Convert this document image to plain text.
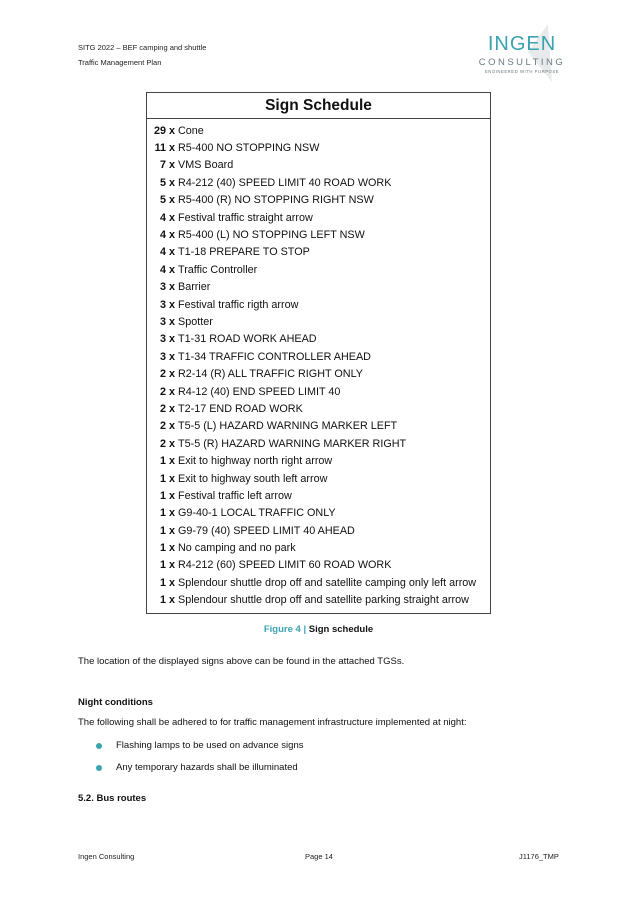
SITG 2022 – BEF camping and shuttle
Traffic Management Plan
INGEN
CONSULTING
ENGINEERED WITH PURPOSE
Sign Schedule
29 x Cone
11 x R5-400 NO STOPPING NSW
7 x VMS Board
5 x R4-212 (40) SPEED LIMIT 40 ROAD WORK
5 x R5-400 (R) NO STOPPING RIGHT NSW
4 x Festival traffic straight arrow
4 x R5-400 (L) NO STOPPING LEFT NSW
4 x T1-18 PREPARE TO STOP
4 x Traffic Controller
3 x Barrier
3 x Festival traffic rigth arrow
3 x Spotter
3 x T1-31 ROAD WORK AHEAD
3 x T1-34 TRAFFIC CONTROLLER AHEAD
2 x R2-14 (R) ALL TRAFFIC RIGHT ONLY
2 x R4-12 (40) END SPEED LIMIT 40
2 x T2-17 END ROAD WORK
2 x T5-5 (L) HAZARD WARNING MARKER LEFT
2 x T5-5 (R) HAZARD WARNING MARKER RIGHT
1 x Exit to highway north right arrow
1 x Exit to highway south left arrow
1 x Festival traffic left arrow
1 x G9-40-1 LOCAL TRAFFIC ONLY
1 x G9-79 (40) SPEED LIMIT 40 AHEAD
1 x No camping and no park
1 x R4-212 (60) SPEED LIMIT 60 ROAD WORK
1 x Splendour shuttle drop off and satellite camping only left arrow
1 x Splendour shuttle drop off and satellite parking straight arrow
Figure 4 | Sign schedule
The location of the displayed signs above can be found in the attached TGSs.
Night conditions
The following shall be adhered to for traffic management infrastructure implemented at night:
Flashing lamps to be used on advance signs
Any temporary hazards shall be illuminated
5.2. Bus routes
Ingen Consulting	Page 14	J1176_TMP
